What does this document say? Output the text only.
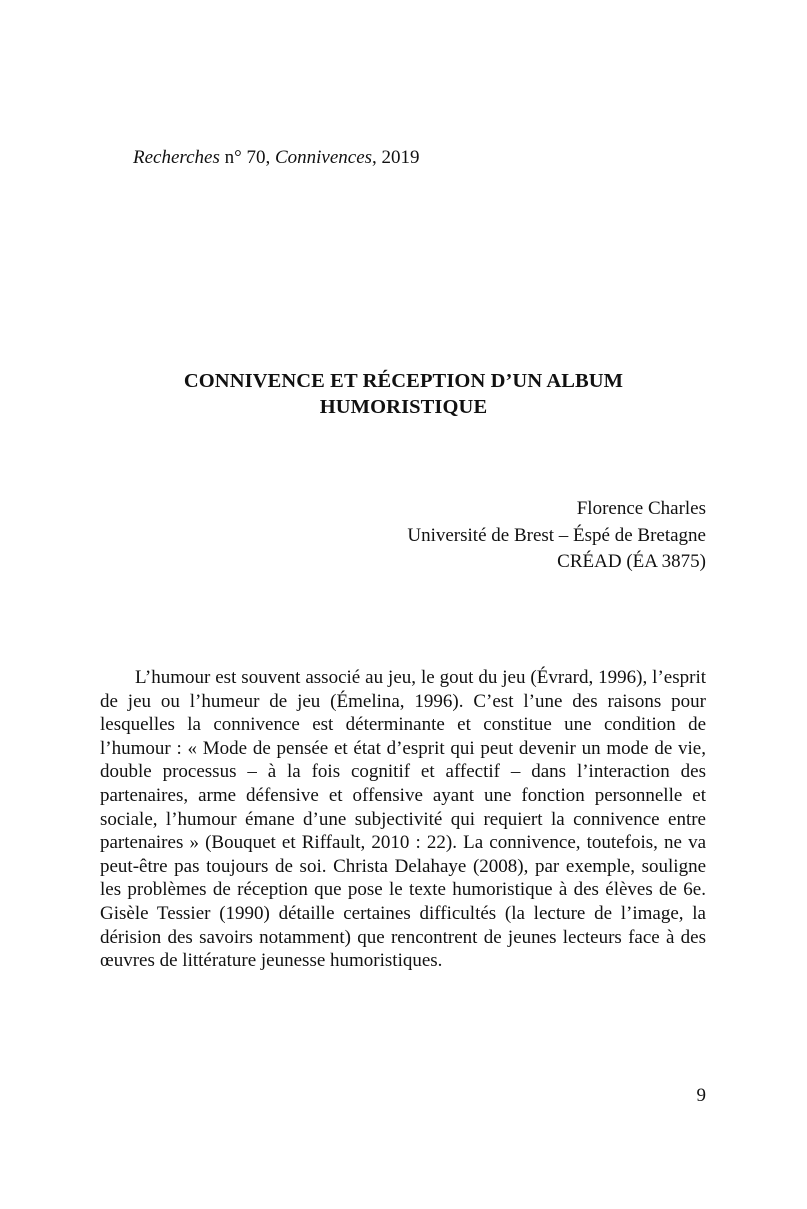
Recherches n° 70, Connivences, 2019
CONNIVENCE ET RÉCEPTION D’UN ALBUM
HUMORISTIQUE
Florence Charles
Université de Brest – Éspé de Bretagne
CRÉAD (ÉA 3875)

L’humour est souvent associé au jeu, le gout du jeu (Évrard, 1996), l’esprit de jeu ou l’humeur de jeu (Émelina, 1996). C’est l’une des raisons pour lesquelles la connivence est déterminante et constitue une condition de l’humour : « Mode de pensée et état d’esprit qui peut devenir un mode de vie, double processus – à la fois cognitif et affectif – dans l’interaction des partenaires, arme défensive et offensive ayant une fonction personnelle et sociale, l’humour émane d’une subjectivité qui requiert la connivence entre partenaires » (Bouquet et Riffault, 2010 : 22). La connivence, toutefois, ne va peut-être pas toujours de soi. Christa Delahaye (2008), par exemple, souligne les problèmes de réception que pose le texte humoristique à des élèves de 6e. Gisèle Tessier (1990) détaille certaines difficultés (la lecture de l’image, la dérision des savoirs notamment) que rencontrent de jeunes lecteurs face à des œuvres de littérature jeunesse humoristiques.

9
